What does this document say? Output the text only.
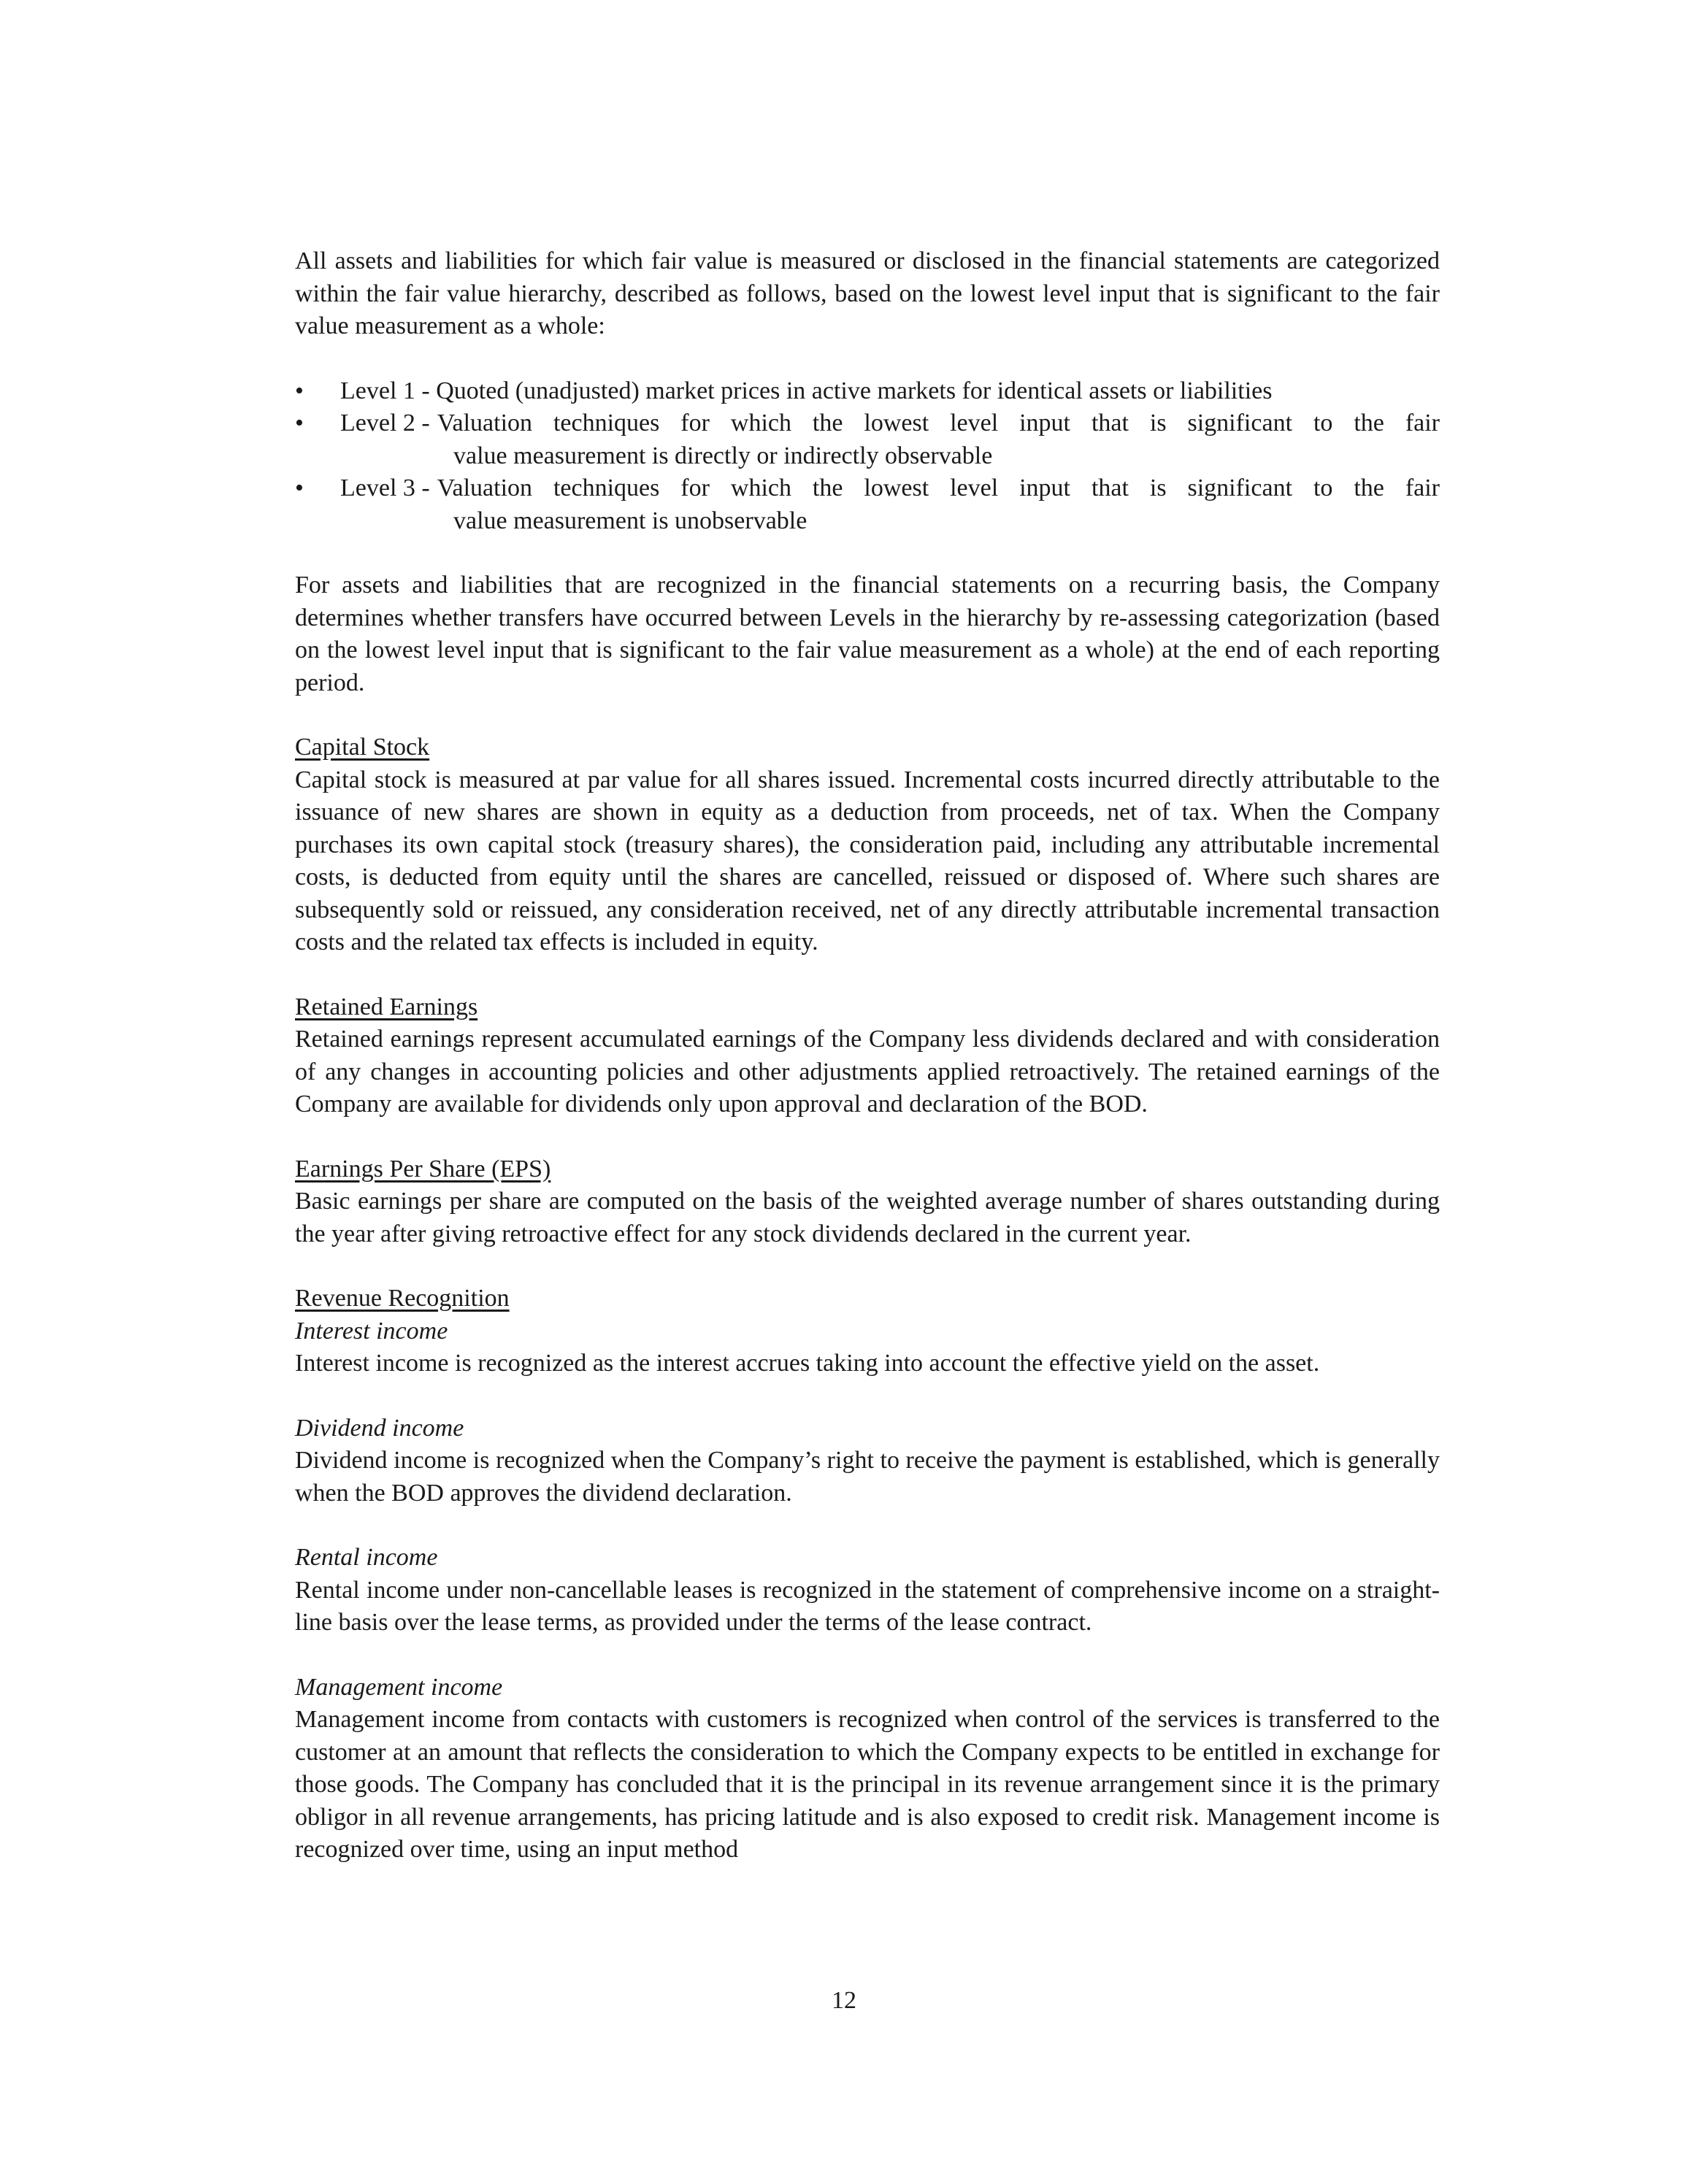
All assets and liabilities for which fair value is measured or disclosed in the financial statements are categorized within the fair value hierarchy, described as follows, based on the lowest level input that is significant to the fair value measurement as a whole:

•	Level 1 - Quoted (unadjusted) market prices in active markets for identical assets or liabilities
•	Level 2 - Valuation techniques for which the lowest level input that is significant to the fair
value measurement is directly or indirectly observable
•	Level 3 - Valuation techniques for which the lowest level input that is significant to the fair
value measurement is unobservable

For assets and liabilities that are recognized in the financial statements on a recurring basis, the Company determines whether transfers have occurred between Levels in the hierarchy by re-assessing categorization (based on the lowest level input that is significant to the fair value measurement as a whole) at the end of each reporting period.

Capital Stock

Capital stock is measured at par value for all shares issued. Incremental costs incurred directly attributable to the issuance of new shares are shown in equity as a deduction from proceeds, net of tax. When the Company purchases its own capital stock (treasury shares), the consideration paid, including any attributable incremental costs, is deducted from equity until the shares are cancelled, reissued or disposed of. Where such shares are subsequently sold or reissued, any consideration received, net of any directly attributable incremental transaction costs and the related tax effects is included in equity.

Retained Earnings

Retained earnings represent accumulated earnings of the Company less dividends declared and with consideration of any changes in accounting policies and other adjustments applied retroactively. The retained earnings of the Company are available for dividends only upon approval and declaration of the BOD.

Earnings Per Share (EPS)

Basic earnings per share are computed on the basis of the weighted average number of shares outstanding during the year after giving retroactive effect for any stock dividends declared in the current year.

Revenue Recognition

Interest income

Interest income is recognized as the interest accrues taking into account the effective yield on the asset.

Dividend income

Dividend income is recognized when the Company’s right to receive the payment is established, which is generally when the BOD approves the dividend declaration.

Rental income

Rental income under non-cancellable leases is recognized in the statement of comprehensive income on a straight-line basis over the lease terms, as provided under the terms of the lease contract.

Management income

Management income from contacts with customers is recognized when control of the services is transferred to the customer at an amount that reflects the consideration to which the Company expects to be entitled in exchange for those goods. The Company has concluded that it is the principal in its revenue arrangement since it is the primary obligor in all revenue arrangements, has pricing latitude and is also exposed to credit risk. Management income is recognized over time, using an input method

12
